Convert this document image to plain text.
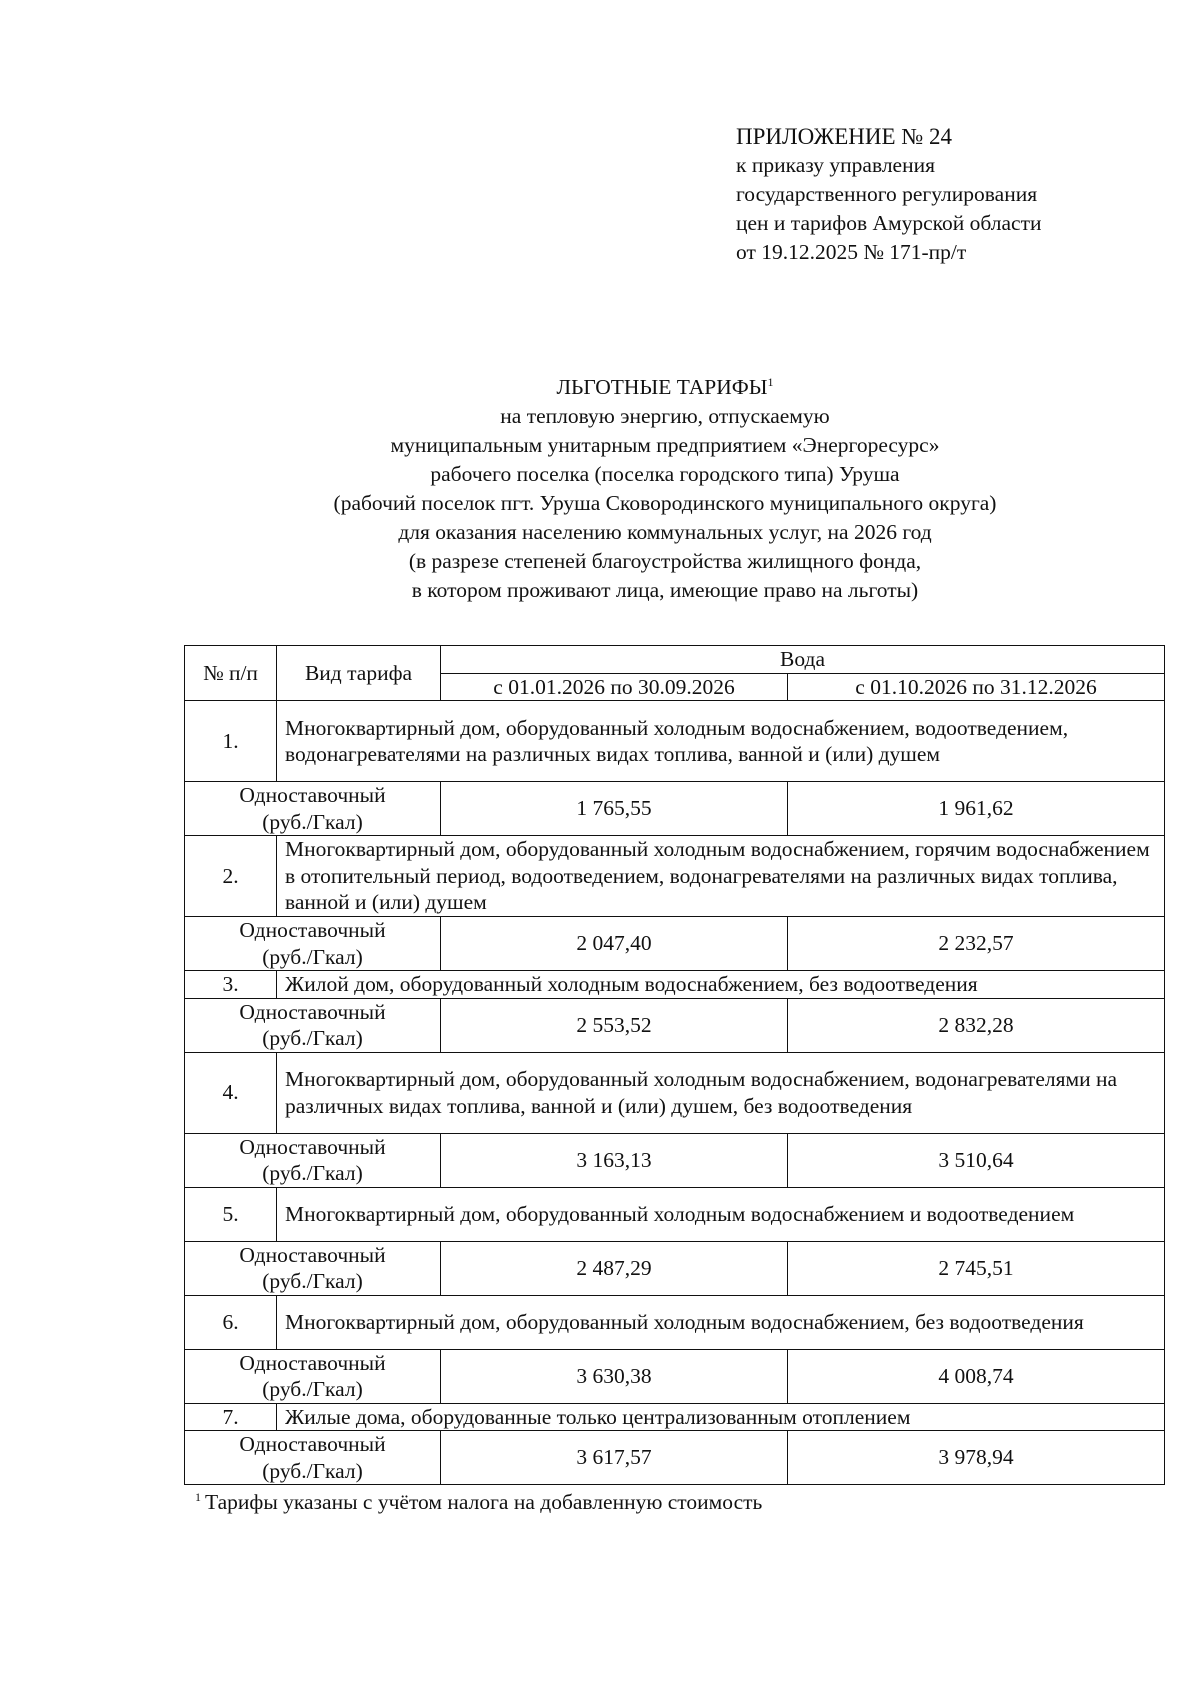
ПРИЛОЖЕНИЕ № 24
к приказу управления
государственного регулирования
цен и тарифов Амурской области
от 19.12.2025 № 171-пр/т
ЛЬГОТНЫЕ ТАРИФЫ$^1$
на тепловую энергию, отпускаемую
муниципальным унитарным предприятием «Энергоресурс»
рабочего поселка (поселка городского типа) Уруша
(рабочий поселок пгт. Уруша Сковородинского муниципального округа)
для оказания населению коммунальных услуг, на 2026 год
(в разрезе степеней благоустройства жилищного фонда,
в котором проживают лица, имеющие право на льготы)
№ п/п	Вид тарифа	Вода	
		с 01.01.2026 по 30.09.2026	с 01.10.2026 по 31.12.2026
1.	Многоквартирный дом, оборудованный холодным водоснабжением, водоотведением, водонагревателями на различных видах топлива, ванной и (или) душем		

Одноставочный
(руб./Гкал)		1 765,55	1 961,62
2.	Многоквартирный дом, оборудованный холодным водоснабжением, горячим водоснабжением в отопительный период, водоотведением, водонагревателями на различных видах топлива, ванной и (или) душем		

Одноставочный
(руб./Гкал)		2 047,40	2 232,57
3.	Жилой дом, оборудованный холодным водоснабжением, без водоотведения		

Одноставочный
(руб./Гкал)		2 553,52	2 832,28
4.	Многоквартирный дом, оборудованный холодным водоснабжением, водонагревателями на различных видах топлива, ванной и (или) душем, без водоотведения		

Одноставочный
(руб./Гкал)		3 163,13	3 510,64
5.	Многоквартирный дом, оборудованный холодным водоснабжением и водоотведением		

Одноставочный
(руб./Гкал)		2 487,29	2 745,51
6.	Многоквартирный дом, оборудованный холодным водоснабжением, без водоотведения		

Одноставочный
(руб./Гкал)		3 630,38	4 008,74
7.	Жилые дома, оборудованные только централизованным отоплением		

Одноставочный
(руб./Гкал)		3 617,57	3 978,94
$^1$ Тарифы указаны с учётом налога на добавленную стоимость
